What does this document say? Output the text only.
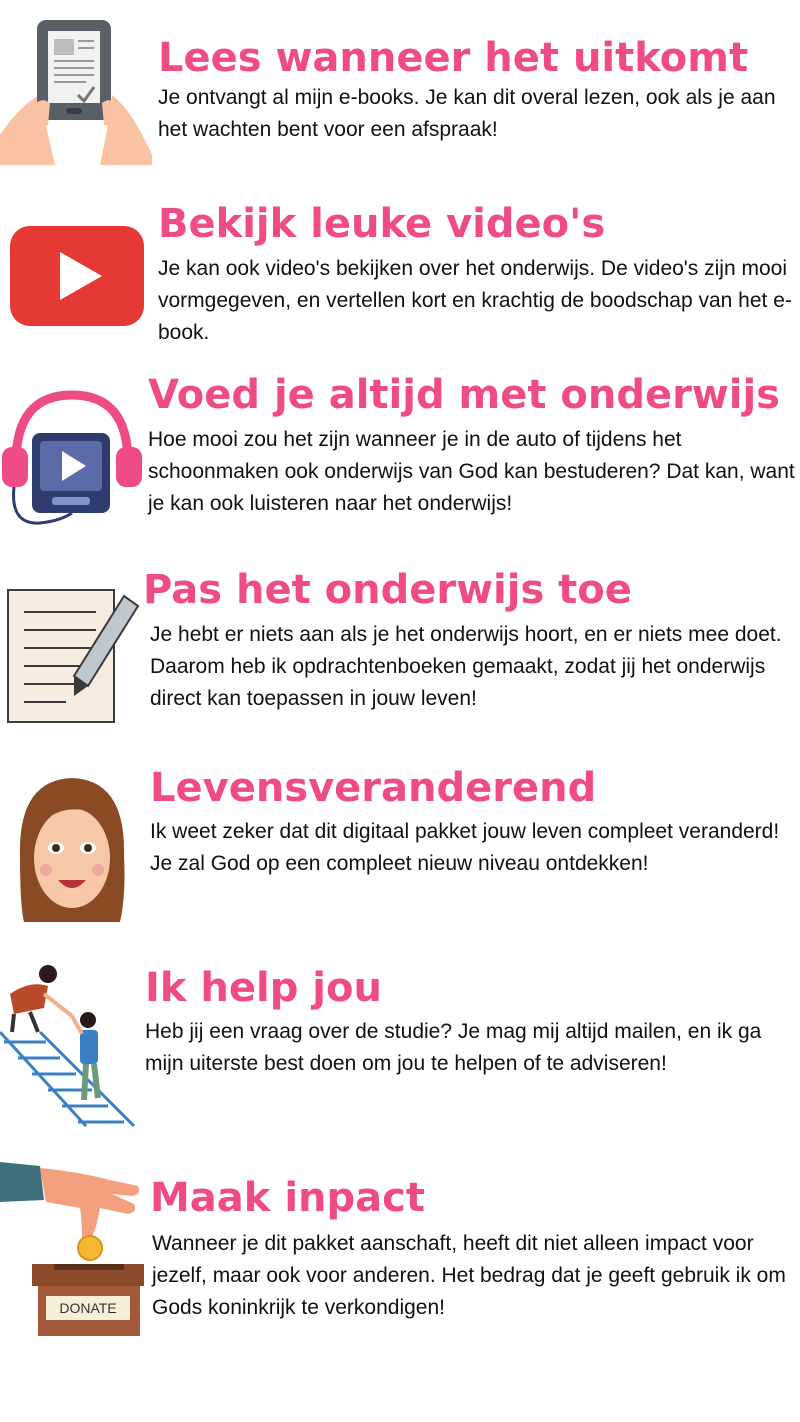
Lees wanneer het uitkomt

Je ontvangt al mijn e-books. Je kan dit overal lezen, ook als je aan het wachten bent voor een afspraak!

Bekijk leuke video's

Je kan ook video's bekijken over het onderwijs. De video's zijn mooi vormgegeven, en vertellen kort en krachtig de boodschap van het e-book.

Voed je altijd met onderwijs

Hoe mooi zou het zijn wanneer je in de auto of tijdens het schoonmaken ook onderwijs van God kan bestuderen? Dat kan, want je kan ook luisteren naar het onderwijs!

Pas het onderwijs toe

Je hebt er niets aan als je het onderwijs hoort, en er niets mee doet. Daarom heb ik opdrachtenboeken gemaakt, zodat jij het onderwijs direct kan toepassen in jouw leven!

Levensveranderend

Ik weet zeker dat dit digitaal pakket jouw leven compleet veranderd! Je zal God op een compleet nieuw niveau ontdekken!

Ik help jou

Heb jij een vraag over de studie? Je mag mij altijd mailen, en ik ga mijn uiterste best doen om jou te helpen of te adviseren!

DONATE
Maak inpact

Wanneer je dit pakket aanschaft, heeft dit niet alleen impact voor jezelf, maar ook voor anderen. Het bedrag dat je geeft gebruik ik om Gods koninkrijk te verkondigen!
